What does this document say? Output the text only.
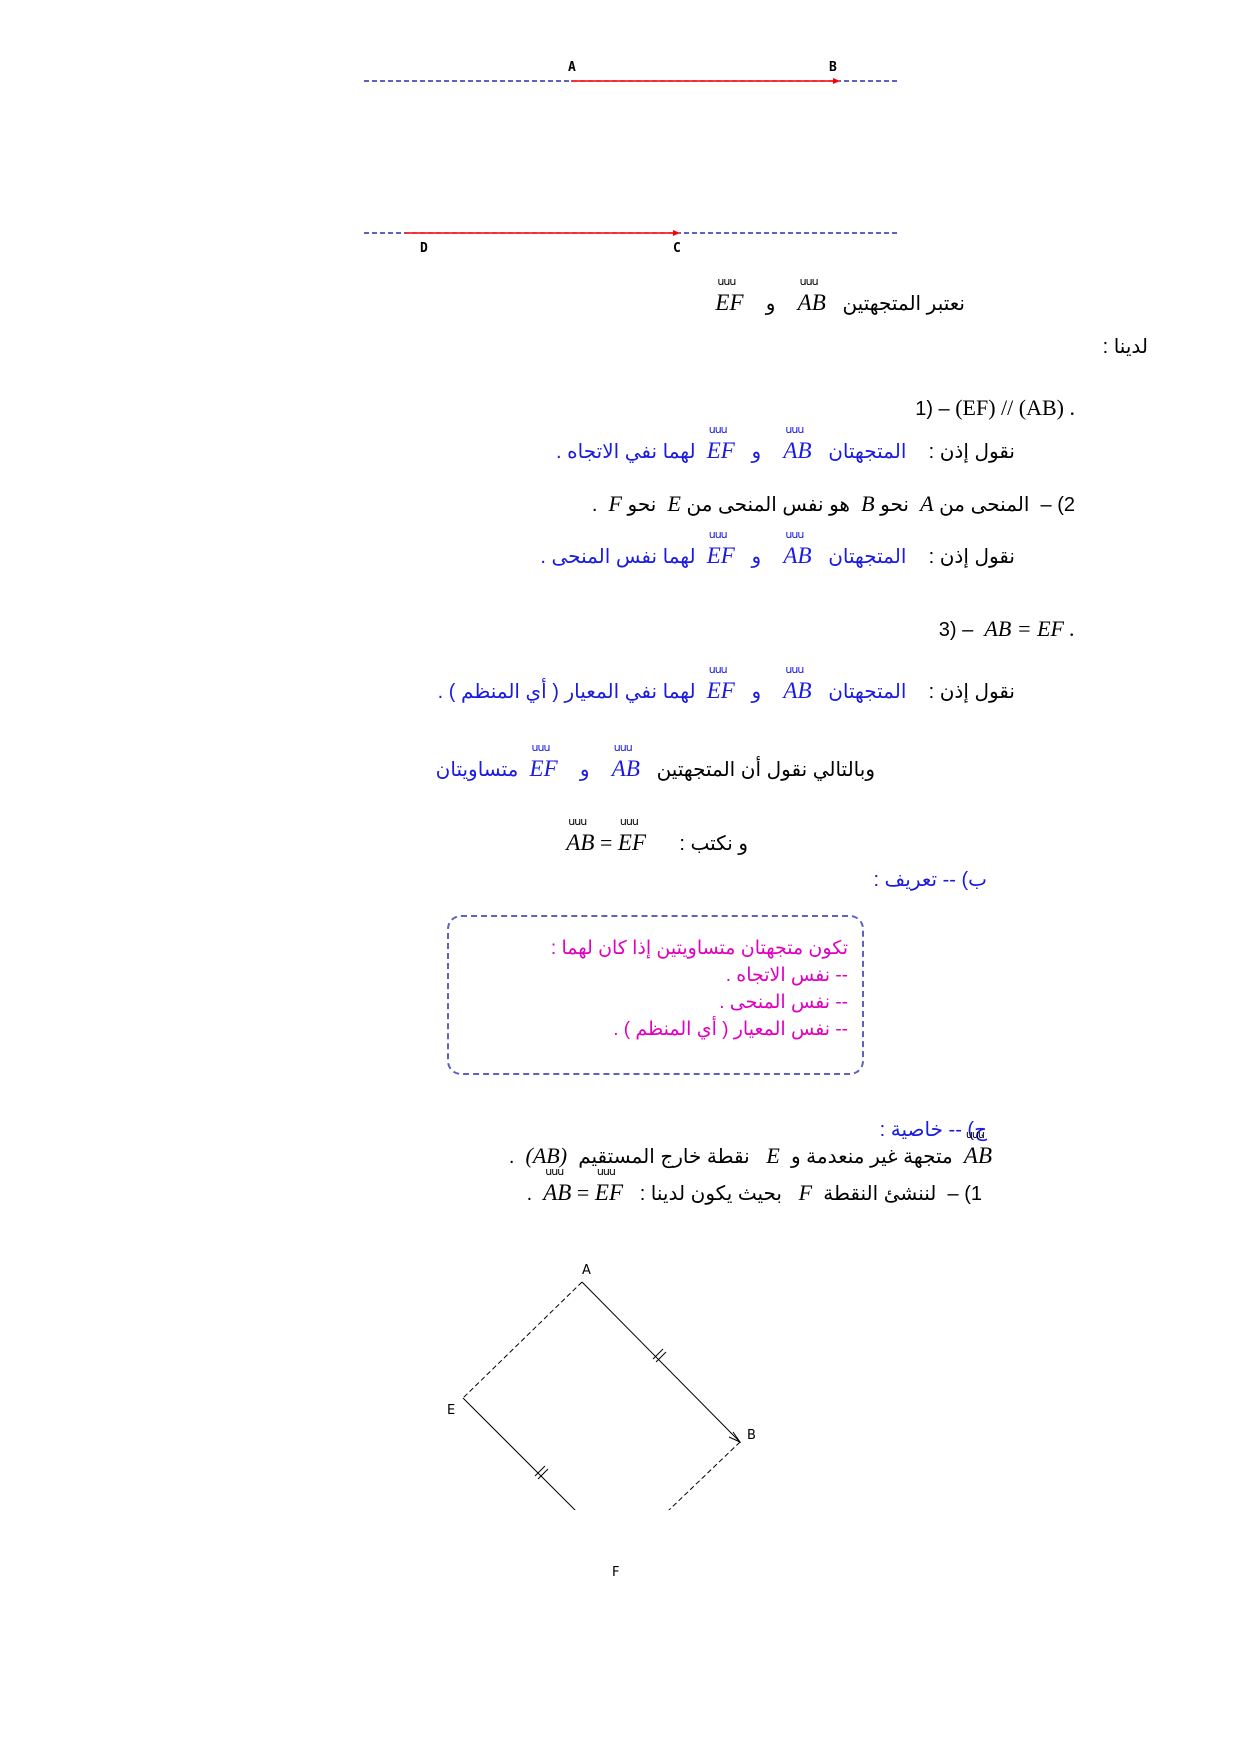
A	B
D	C
نعتبر المتجهتين   uuu AB    و    uuu EF
لدينا :
1) – (EF) // (AB) .
نقول إذن :    المتجهتان   uuu AB    و   uuu EF  لهما نفي الاتجاه .
2) –  المنحى من A  نحو B  هو نفس المنحى من E  نحو F  .
نقول إذن :    المتجهتان   uuu AB    و   uuu EF  لهما نفس المنحى .
3) – AB = EF .
نقول إذن :    المتجهتان   uuu AB    و   uuu EF  لهما نفي المعيار ( أي المنظم ) .
وبالتالي نقول أن المتجهتين   uuu AB    و    uuu EF  متساويتان
و نكتب :      uuu AB = uuu EF
ب) -- تعريف :
تكون متجهتان متساويتين إذا كان لهما :
-- نفس الاتجاه .
-- نفس المنحى .
-- نفس المعيار ( أي المنظم ) .
ج) -- خاصية :
uuu AB  متجهة غير منعدمة و  E   نقطة خارج المستقيم  (AB)  .
1) –  لننشئ النقطة  F   بحيث يكون لدينا :   uuu AB = uuu EF  .
A
B
E
F
